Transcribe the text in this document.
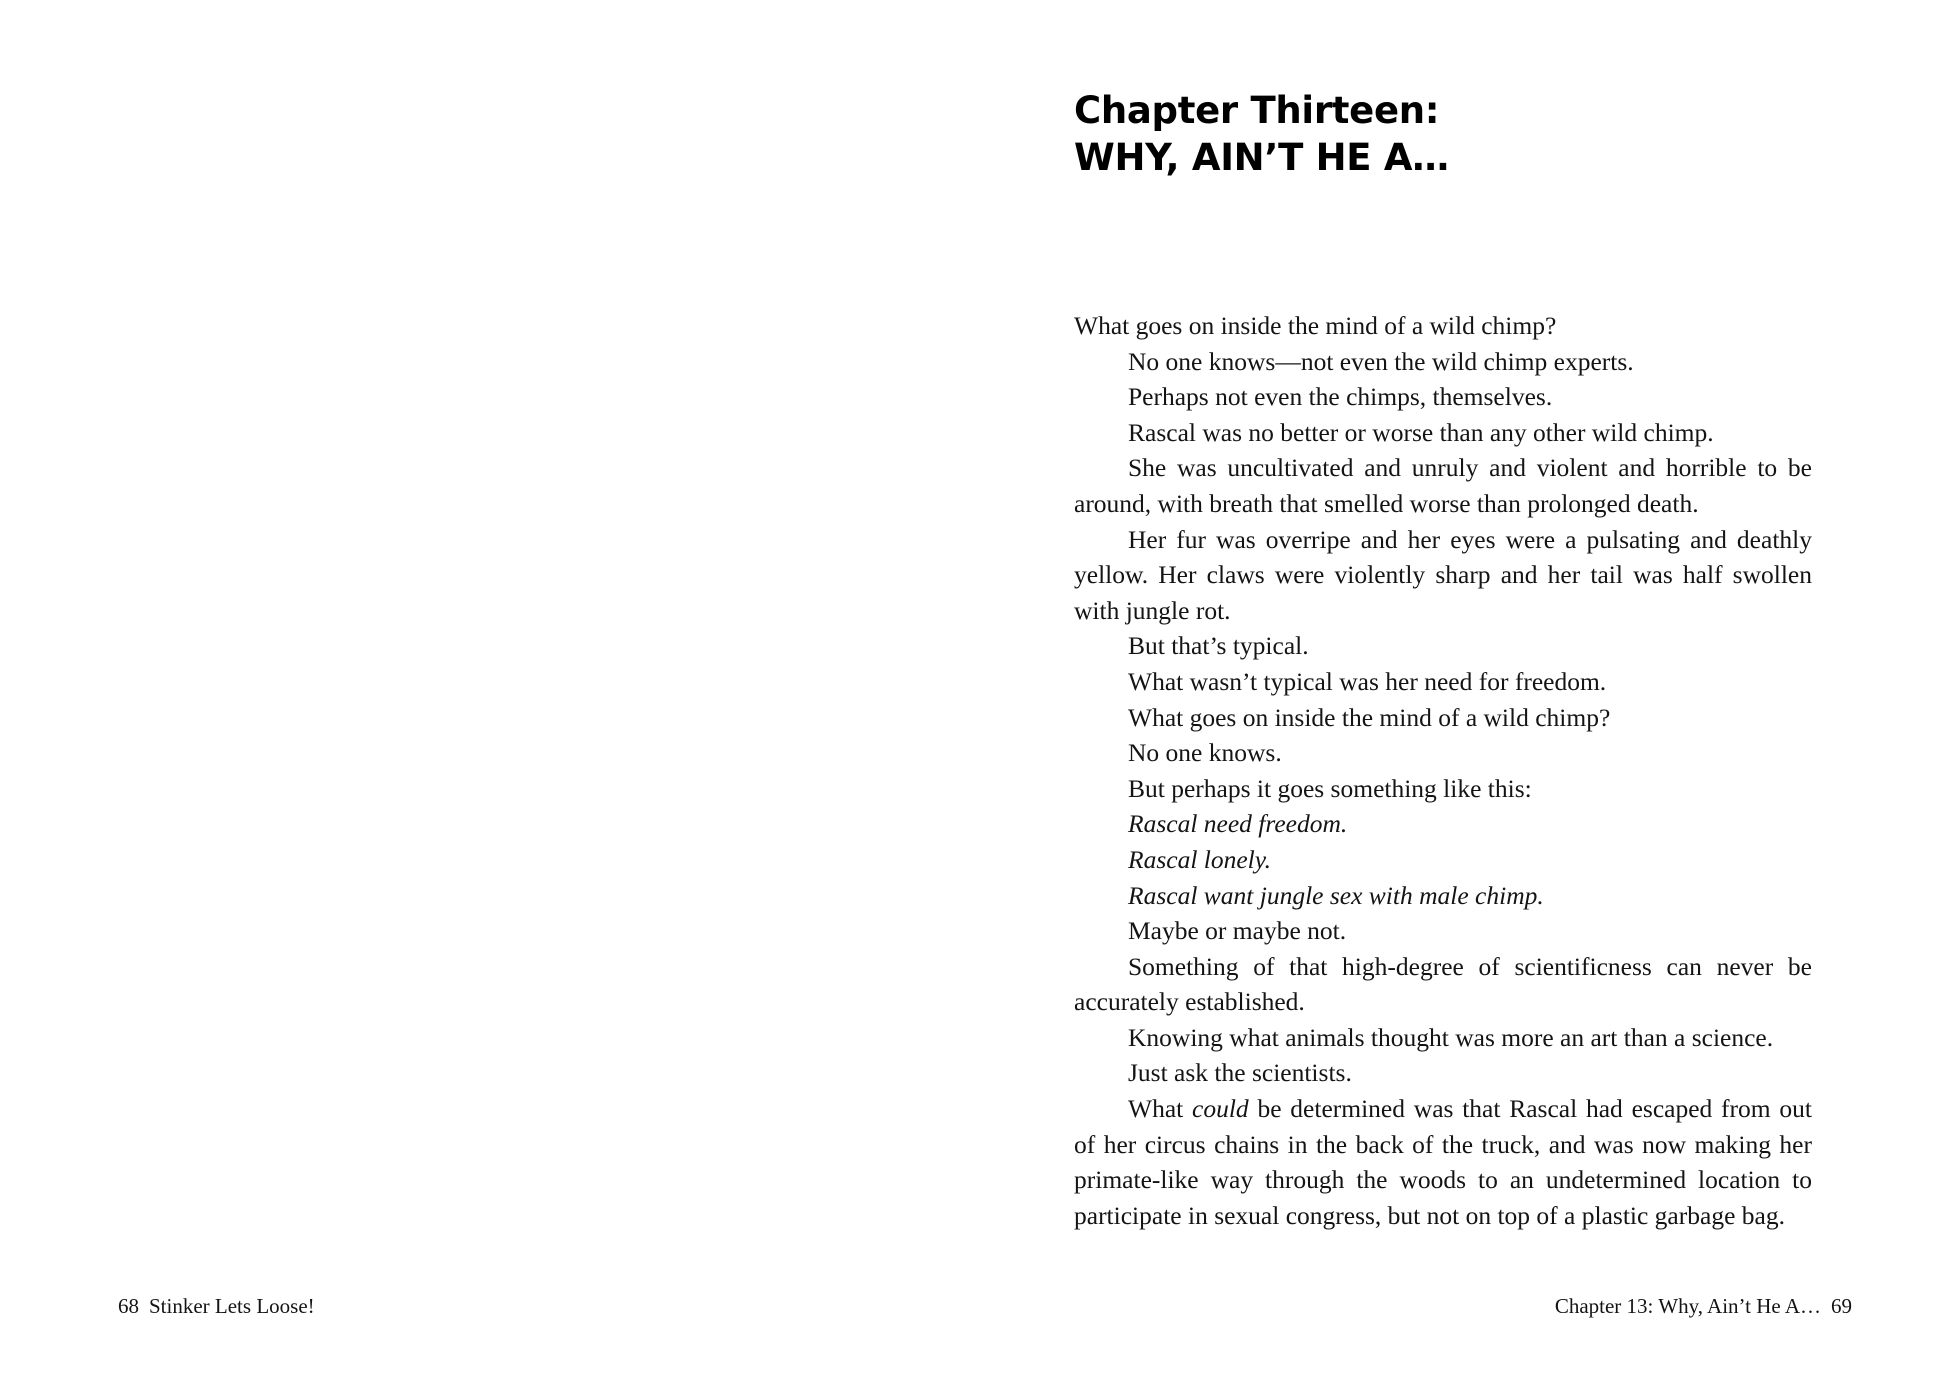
68 Stinker Lets Loose!
Chapter Thirteen:
WHY, AIN’T HE A…

What goes on inside the mind of a wild chimp?

No one knows—not even the wild chimp experts.

Perhaps not even the chimps, themselves.

Rascal was no better or worse than any other wild chimp.

She was uncultivated and unruly and violent and horrible to be around, with breath that smelled worse than prolonged death.

Her fur was overripe and her eyes were a pulsating and deathly yellow. Her claws were violently sharp and her tail was half swollen with jungle rot.

But that’s typical.

What wasn’t typical was her need for freedom.

What goes on inside the mind of a wild chimp?

No one knows.

But perhaps it goes something like this:

Rascal need freedom.

Rascal lonely.

Rascal want jungle sex with male chimp.

Maybe or maybe not.

Something of that high-degree of scientificness can never be accurately established.

Knowing what animals thought was more an art than a science.

Just ask the scientists.

What could be determined was that Rascal had escaped from out of her circus chains in the back of the truck, and was now making her primate-like way through the woods to an undetermined location to participate in sexual congress, but not on top of a plastic garbage bag.

Chapter 13: Why, Ain’t He A… 69
